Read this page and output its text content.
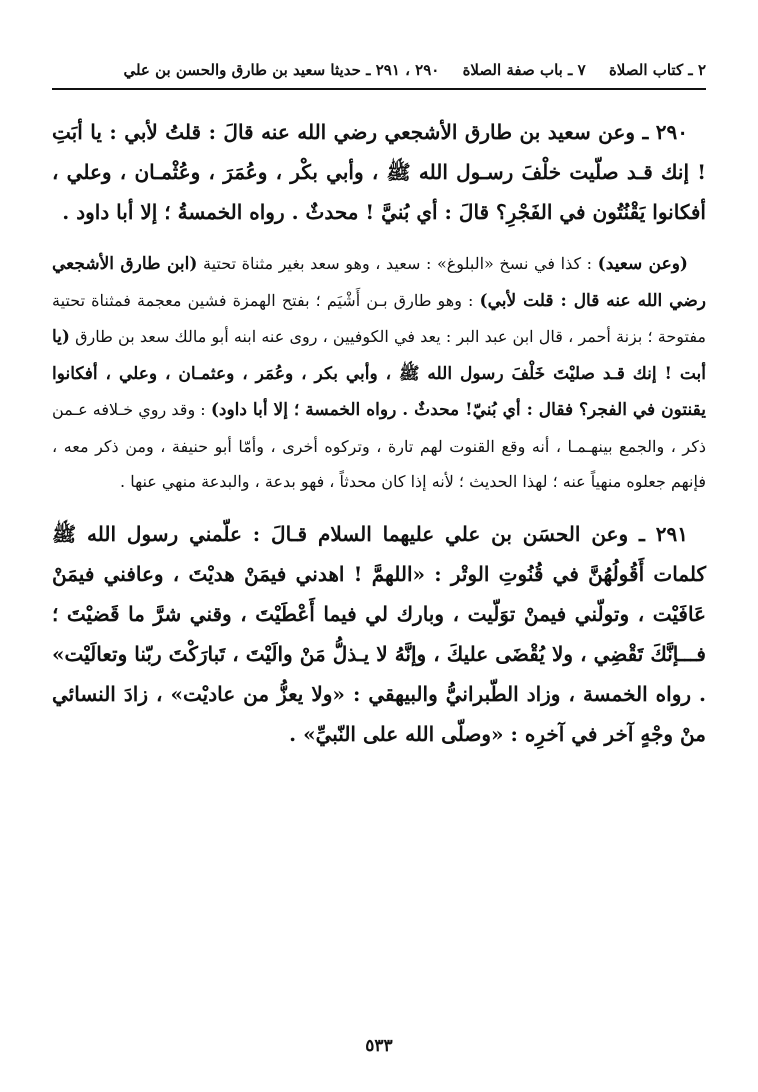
٢ ـ كتاب الصلاة ٧ ـ باب صفة الصلاة ٢٩٠ ، ٢٩١ ـ حديثا سعيد بن طارق والحسن بن علي

٢٩٠ ـ وعن سعيد بن طارق الأشجعي رضي الله عنه قالَ : قلتُ لأبي : يا أبَتِ ! إنك قـد صلّيت خلْفَ رسـول الله ﷺ ، وأبي بكْر ، وعُمَرَ ، وعُثْمـان ، وعلي ، أفكانوا يَقْنُتُون في الفَجْرِ؟ قالَ : أي بُنيَّ ! محدثٌ . رواه الخمسةُ ؛ إلا أبا داود .

(وعن سعيد) : كذا في نسخ «البلوغ» : سعيد ، وهو سعد بغير مثناة تحتية (ابن طارق الأشجعي رضي الله عنه قال : قلت لأبي) : وهو طارق بـن أَشْيَم ؛ بفتح الهمزة فشين معجمة فمثناة تحتية مفتوحة ؛ بزنة أحمر ، قال ابن عبد البر : يعد في الكوفيين ، روى عنه ابنه أبو مالك سعد بن طارق (يا أبت ! إنك قـد صليْتَ خَلْفَ رسول الله ﷺ ، وأبي بكر ، وعُمَر ، وعثمـان ، وعلي ، أفكانوا يقنتون في الفجر؟ فقال : أي بُنيّ! محدثٌ . رواه الخمسة ؛ إلا أبا داود) : وقد روي خـلافه عـمن ذكر ، والجمع بينهـمـا ، أنه وقع القنوت لهم تارة ، وتركوه أخرى ، وأمّا أبو حنيفة ، ومن ذكر معه ، فإنهم جعلوه منهياً عنه ؛ لهذا الحديث ؛ لأنه إذا كان محدثاً ، فهو بدعة ، والبدعة منهي عنها .

٢٩١ ـ وعن الحسَن بن علي عليهما السلام قـالَ : علّمني رسول الله ﷺ كلمات أَقُولُهُنَّ في قُنُوتِ الوتْر : «اللهمَّ ! اهدني فيمَنْ هديْتَ ، وعافني فيمَنْ عَافَيْت ، وتولّني فيمنْ توَلّيت ، وبارك لي فيما أَعْطَيْتَ ، وقني شرَّ ما قَضيْتَ ؛ فـــإنَّكَ تَقْضِي ، ولا يُقْضَى عليكَ ، وإنَّهُ لا يـذلُّ مَنْ والَيْتَ ، تَبارَكْتَ ربّنا وتعالَيْت» . رواه الخمسة ، وزاد الطّبرانيُّ والبيهقي : «ولا يعزُّ من عاديْت» ، زادَ النسائي منْ وجْهٍ آخر في آخرِه : «وصلّى الله على النّبيِّ» .

٥٣٣
